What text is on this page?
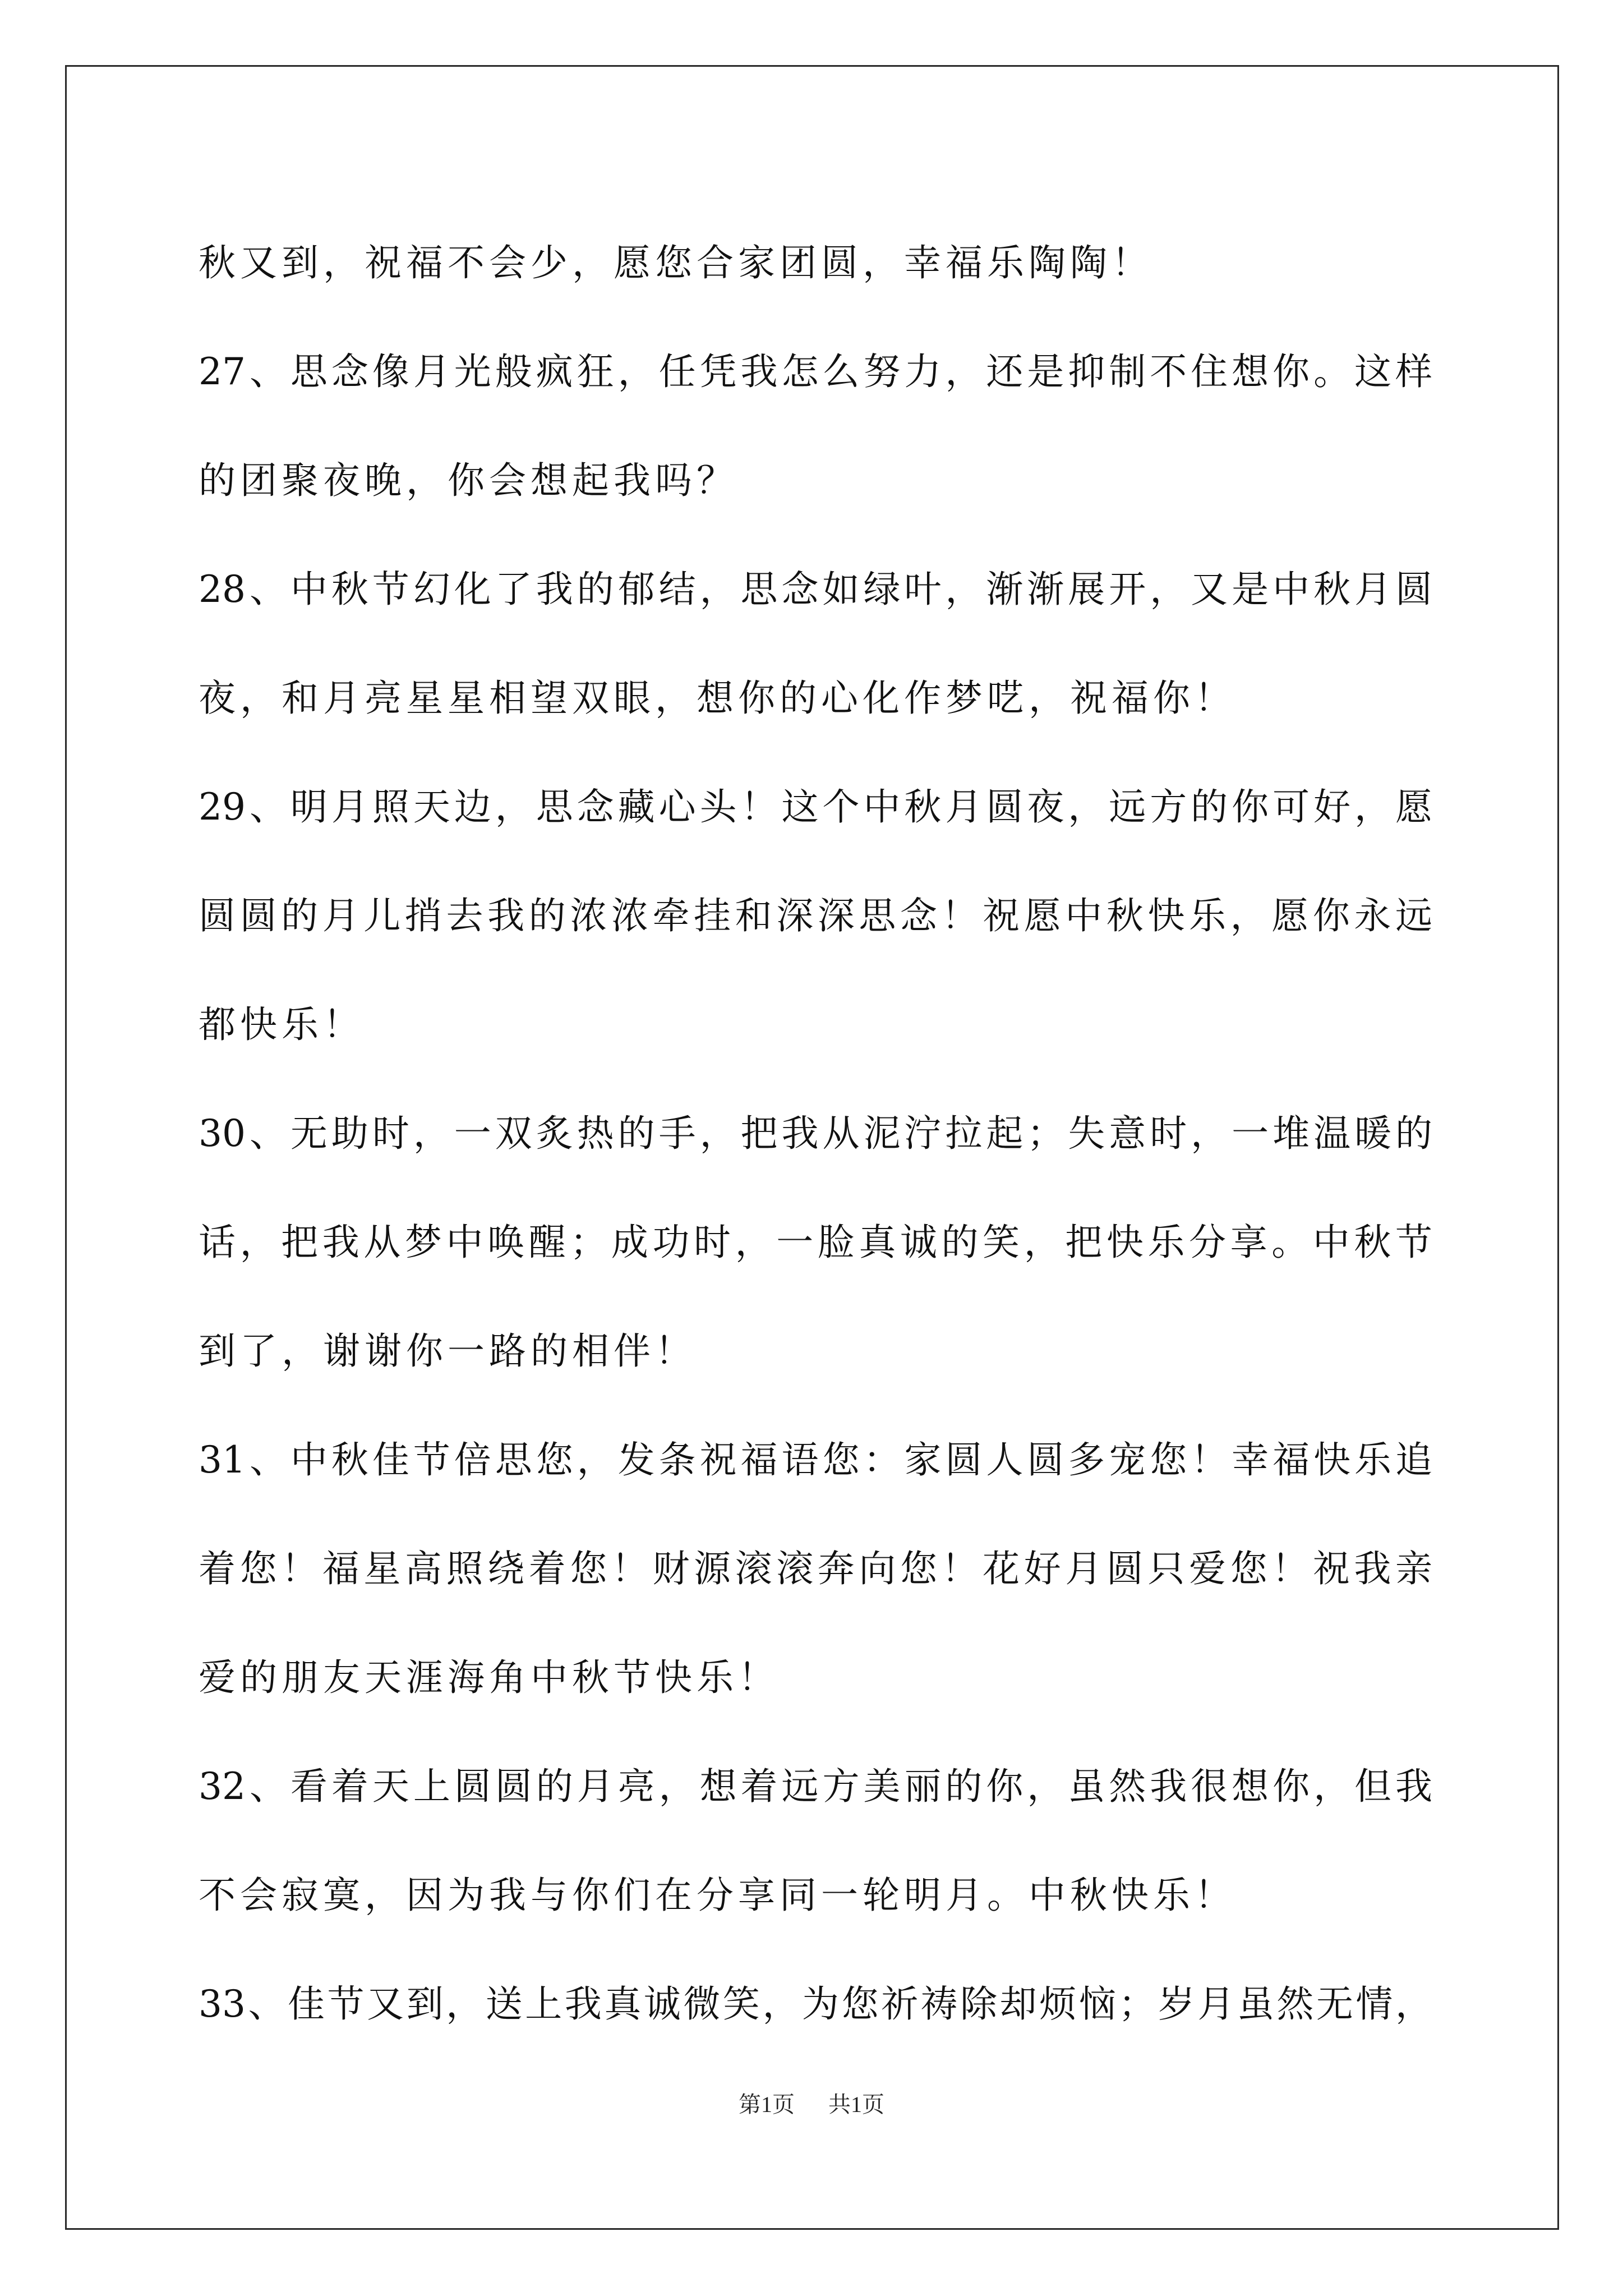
秋又到，祝福不会少，愿您合家团圆，幸福乐陶陶！
27、思念像月光般疯狂，任凭我怎么努力，还是抑制不住想你。这样
的团聚夜晚，你会想起我吗？
28、中秋节幻化了我的郁结，思念如绿叶，渐渐展开，又是中秋月圆
夜，和月亮星星相望双眼，想你的心化作梦呓，祝福你！
29、明月照天边，思念藏心头！这个中秋月圆夜，远方的你可好，愿
圆圆的月儿捎去我的浓浓牵挂和深深思念！祝愿中秋快乐，愿你永远
都快乐！
30、无助时，一双炙热的手，把我从泥泞拉起；失意时，一堆温暖的
话，把我从梦中唤醒；成功时，一脸真诚的笑，把快乐分享。中秋节
到了，谢谢你一路的相伴！
31、中秋佳节倍思您，发条祝福语您：家圆人圆多宠您！幸福快乐追
着您！福星高照绕着您！财源滚滚奔向您！花好月圆只爱您！祝我亲
爱的朋友天涯海角中秋节快乐！
32、看着天上圆圆的月亮，想着远方美丽的你，虽然我很想你，但我
不会寂寞，因为我与你们在分享同一轮明月。中秋快乐！
33、佳节又到，送上我真诚微笑，为您祈祷除却烦恼；岁月虽然无情，
第1页 共1页
